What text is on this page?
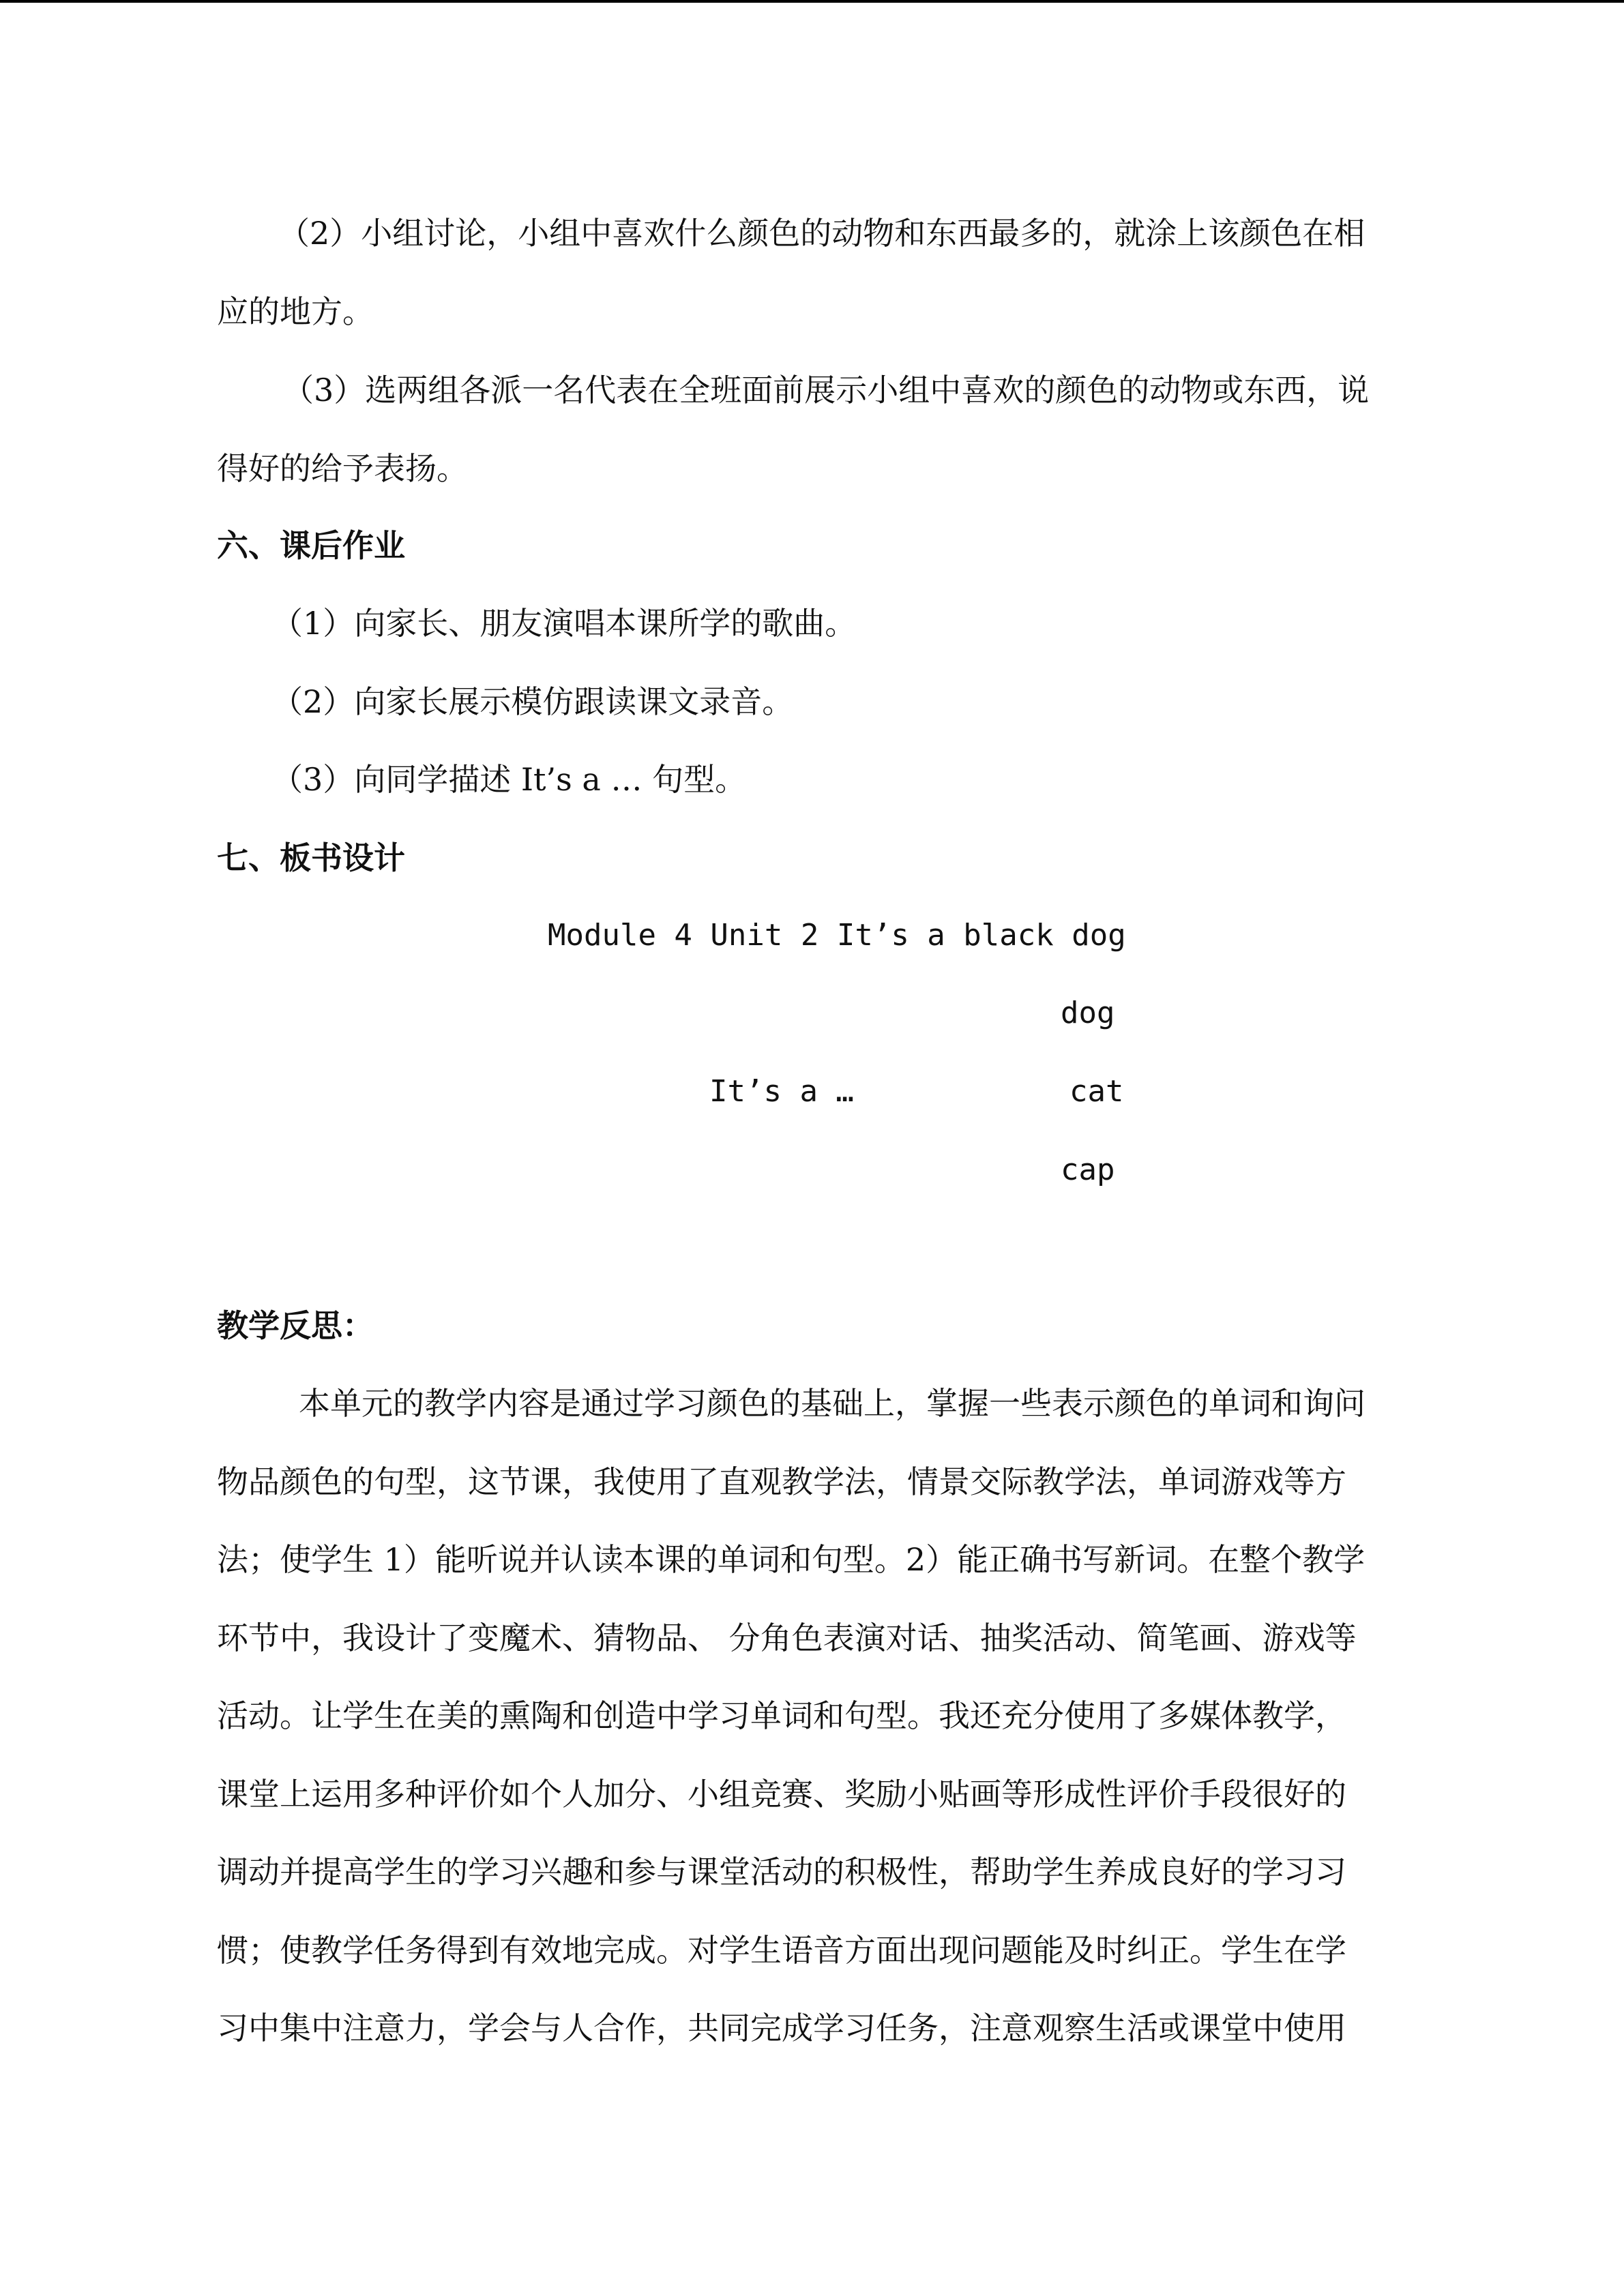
（2）小组讨论，小组中喜欢什么颜色的动物和东西最多的，就涂上该颜色在相

应的地方。

（3）选两组各派一名代表在全班面前展示小组中喜欢的颜色的动物或东西，说

得好的给予表扬。

六、课后作业

（1）向家长、朋友演唱本课所学的歌曲。

（2）向家长展示模仿跟读课文录音。

（3）向同学描述 It’s a … 句型。

七、板书设计

Module 4 Unit 2 It’s a black dog

dog

It’s a …	cat

cap

教学反思：

本单元的教学内容是通过学习颜色的基础上，掌握一些表示颜色的单词和询问

物品颜色的句型，这节课，我使用了直观教学法，情景交际教学法，单词游戏等方

法；使学生 1）能听说并认读本课的单词和句型。2）能正确书写新词。在整个教学

环节中，我设计了变魔术、猜物品、 分角色表演对话、抽奖活动、简笔画、游戏等

活动。让学生在美的熏陶和创造中学习单词和句型。我还充分使用了多媒体教学，

课堂上运用多种评价如个人加分、小组竞赛、奖励小贴画等形成性评价手段很好的

调动并提高学生的学习兴趣和参与课堂活动的积极性，帮助学生养成良好的学习习

惯；使教学任务得到有效地完成。对学生语音方面出现问题能及时纠正。学生在学

习中集中注意力，学会与人合作，共同完成学习任务，注意观察生活或课堂中使用
